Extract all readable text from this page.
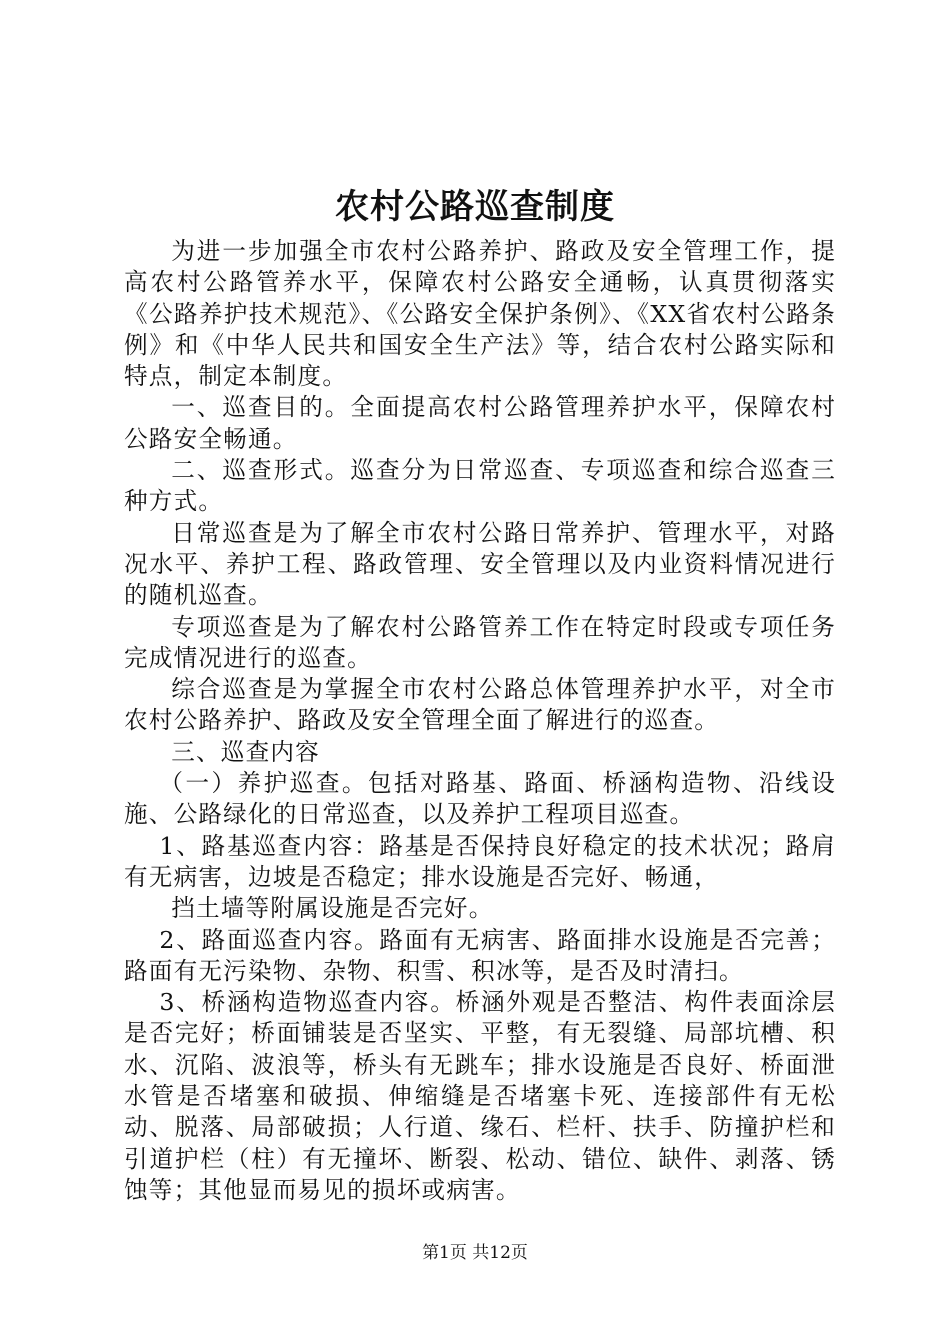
农村公路巡查制度

为进一步加强全市农村公路养护、路政及安全管理工作，提高农村公路管养水平，保障农村公路安全通畅，认真贯彻落实《公路养护技术规范》、《公路安全保护条例》、《XX省农村公路条例》和《中华人民共和国安全生产法》等，结合农村公路实际和特点，制定本制度。

一、巡查目的。全面提高农村公路管理养护水平，保障农村公路安全畅通。

二、巡查形式。巡查分为日常巡查、专项巡查和综合巡查三种方式。

日常巡查是为了解全市农村公路日常养护、管理水平，对路况水平、养护工程、路政管理、安全管理以及内业资料情况进行的随机巡查。

专项巡查是为了解农村公路管养工作在特定时段或专项任务完成情况进行的巡查。

综合巡查是为掌握全市农村公路总体管理养护水平，对全市农村公路养护、路政及安全管理全面了解进行的巡查。

三、巡查内容

（一）养护巡查。包括对路基、路面、桥涵构造物、沿线设施、公路绿化的日常巡查，以及养护工程项目巡查。

1、路基巡查内容：路基是否保持良好稳定的技术状况；路肩有无病害，边坡是否稳定；排水设施是否完好、畅通，

挡土墙等附属设施是否完好。

2、路面巡查内容。路面有无病害、路面排水设施是否完善；路面有无污染物、杂物、积雪、积冰等，是否及时清扫。

3、桥涵构造物巡查内容。桥涵外观是否整洁、构件表面涂层是否完好；桥面铺装是否坚实、平整，有无裂缝、局部坑槽、积水、沉陷、波浪等，桥头有无跳车；排水设施是否良好、桥面泄水管是否堵塞和破损、伸缩缝是否堵塞卡死、连接部件有无松动、脱落、局部破损；人行道、缘石、栏杆、扶手、防撞护栏和引道护栏（柱）有无撞坏、断裂、松动、错位、缺件、剥落、锈蚀等；其他显而易见的损坏或病害。

第1页 共12页
